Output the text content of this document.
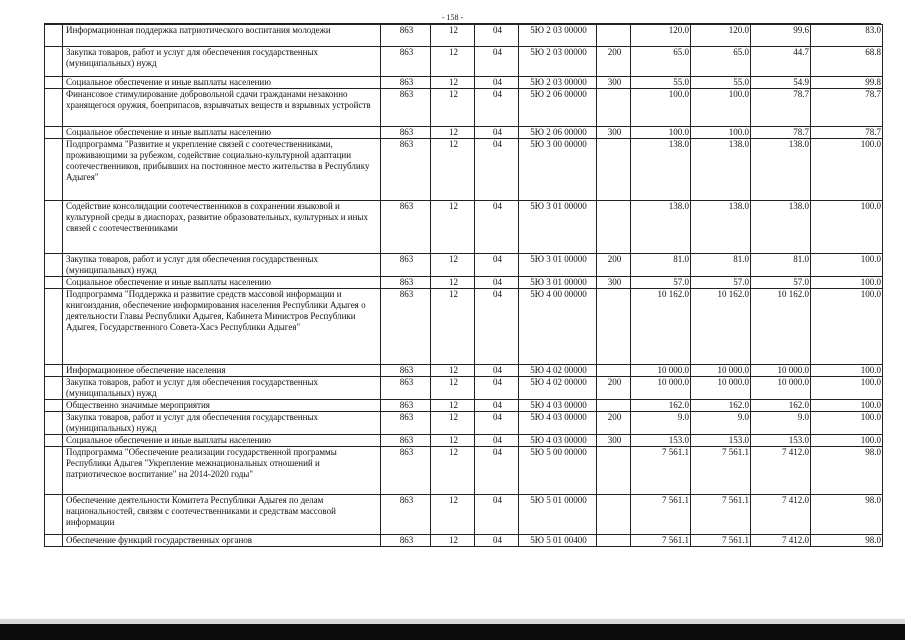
- 158 -
	Информационная поддержка патриотического воспитания молодежи	863	12	04	5Ю 2 03 00000		120.0	120.0	99.6	83.0
	Закупка товаров, работ и услуг для обеспечения государственных (муниципальных) нужд	863	12	04	5Ю 2 03 00000	200	65.0	65.0	44.7	68.8
	Социальное обеспечение и иные выплаты населению	863	12	04	5Ю 2 03 00000	300	55.0	55.0	54.9	99.8
	Финансовое стимулирование добровольной сдачи гражданами незаконно хранящегося оружия, боеприпасов, взрывчатых веществ и взрывных устройств	863	12	04	5Ю 2 06 00000		100.0	100.0	78.7	78.7
	Социальное обеспечение и иные выплаты населению	863	12	04	5Ю 2 06 00000	300	100.0	100.0	78.7	78.7
	Подпрограмма "Развитие и укрепление связей с соотечественниками, проживающими за рубежом, содействие социально-культурной адаптации соотечественников, прибывших на постоянное место жительства в Республику Адыгея"	863	12	04	5Ю 3 00 00000		138.0	138.0	138.0	100.0
	Содействие консолидации соотечественников в сохранении языковой и культурной среды в диаспорах, развитие образовательных, культурных и иных связей с соотечественниками	863	12	04	5Ю 3 01 00000		138.0	138.0	138.0	100.0
	Закупка товаров, работ и услуг для обеспечения государственных (муниципальных) нужд	863	12	04	5Ю 3 01 00000	200	81.0	81.0	81.0	100.0
	Социальное обеспечение и иные выплаты населению	863	12	04	5Ю 3 01 00000	300	57.0	57.0	57.0	100.0
	Подпрограмма "Поддержка и развитие средств массовой информации и книгоиздания, обеспечение информирования населения Республики Адыгея о деятельности Главы Республики Адыгея, Кабинета Министров Республики Адыгея, Государственного Совета-Хасэ Республики Адыгея"	863	12	04	5Ю 4 00 00000		10 162.0	10 162.0	10 162.0	100.0
	Информационное обеспечение населения	863	12	04	5Ю 4 02 00000		10 000.0	10 000.0	10 000.0	100.0
	Закупка товаров, работ и услуг для обеспечения государственных (муниципальных) нужд	863	12	04	5Ю 4 02 00000	200	10 000.0	10 000.0	10 000.0	100.0
	Общественно значимые мероприятия	863	12	04	5Ю 4 03 00000		162.0	162.0	162.0	100.0
	Закупка товаров, работ и услуг для обеспечения государственных (муниципальных) нужд	863	12	04	5Ю 4 03 00000	200	9.0	9.0	9.0	100.0
	Социальное обеспечение и иные выплаты населению	863	12	04	5Ю 4 03 00000	300	153.0	153.0	153.0	100.0
	Подпрограмма "Обеспечение реализации государственной программы Республики Адыгея "Укрепление межнациональных отношений и патриотическое воспитание" на 2014-2020 годы"	863	12	04	5Ю 5 00 00000		7 561.1	7 561.1	7 412.0	98.0
	Обеспечение деятельности Комитета Республики Адыгея по делам национальностей, связям с соотечественниками и средствам массовой информации	863	12	04	5Ю 5 01 00000		7 561.1	7 561.1	7 412.0	98.0
	Обеспечение функций государственных органов	863	12	04	5Ю 5 01 00400		7 561.1	7 561.1	7 412.0	98.0
